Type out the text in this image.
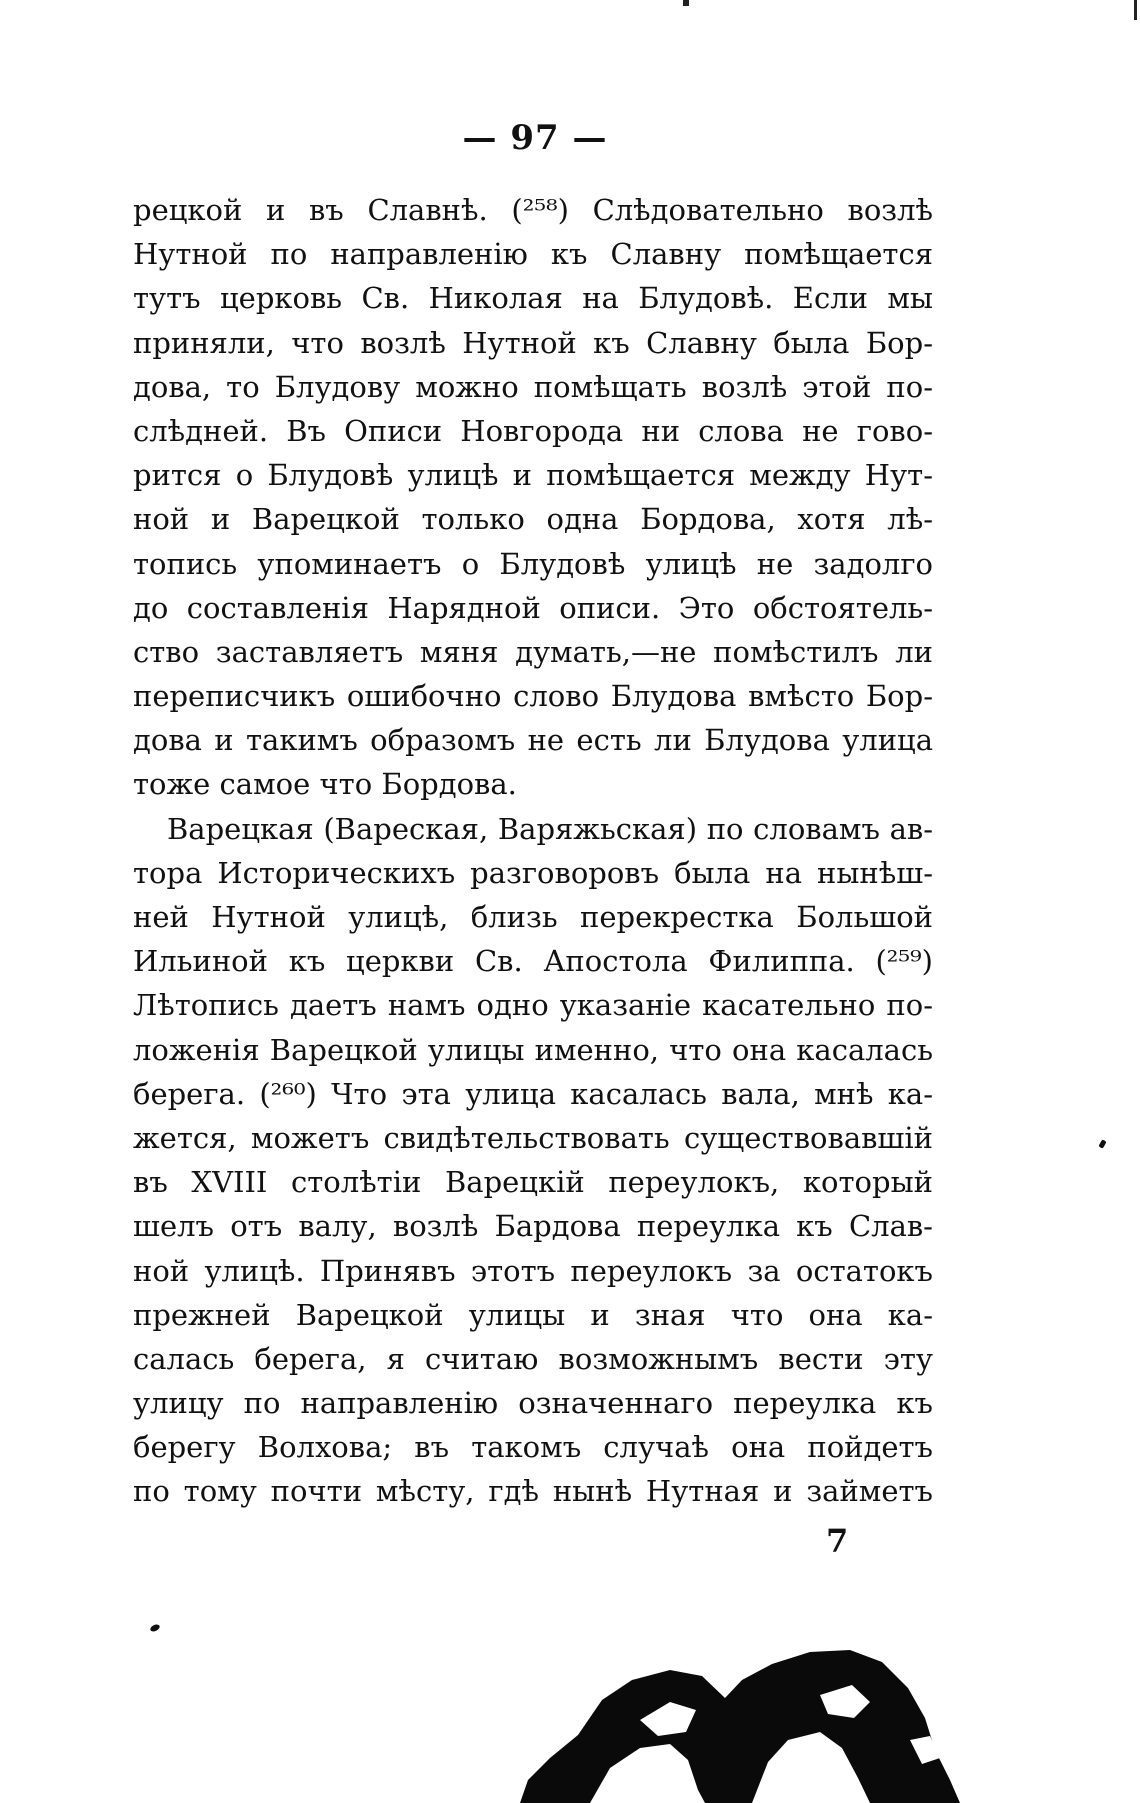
— 97 —
рецкой и въ Славнѣ. (²⁵⁸) Слѣдовательно возлѣ
Нутной по направленію къ Славну помѣщается
тутъ церковь Св. Николая на Блудовѣ. Если мы
приняли, что возлѣ Нутной къ Славну была Бор-
дова, то Блудову можно помѣщать возлѣ этой по-
слѣдней. Въ Описи Новгорода ни слова не гово-
рится о Блудовѣ улицѣ и помѣщается между Нут-
ной и Варецкой только одна Бордова, хотя лѣ-
топись упоминаетъ о Блудовѣ улицѣ не задолго
до составленія Нарядной описи. Это обстоятель-
ство заставляетъ мяня думать,—не помѣстилъ ли
переписчикъ ошибочно слово Блудова вмѣсто Бор-
дова и такимъ образомъ не есть ли Блудова улица
тоже самое что Бордова.
Варецкая (Вареская, Варяжьская) по словамъ ав-
тора Историческихъ разговоровъ была на нынѣш-
ней Нутной улицѣ, близь перекрестка Большой
Ильиной къ церкви Св. Апостола Филиппа. (²⁵⁹)
Лѣтопись даетъ намъ одно указаніе касательно по-
ложенія Варецкой улицы именно, что она касалась
берега. (²⁶⁰) Что эта улица касалась вала, мнѣ ка-
жется, можетъ свидѣтельствовать существовавшій
въ XVIII столѣтіи Варецкій переулокъ, который
шелъ отъ валу, возлѣ Бардова переулка къ Слав-
ной улицѣ. Принявъ этотъ переулокъ за остатокъ
прежней Варецкой улицы и зная что она ка-
салась берега, я считаю возможнымъ вести эту
улицу по направленію означеннаго переулка къ
берегу Волхова; въ такомъ случаѣ она пойдетъ
по тому почти мѣсту, гдѣ нынѣ Нутная и займетъ
7
